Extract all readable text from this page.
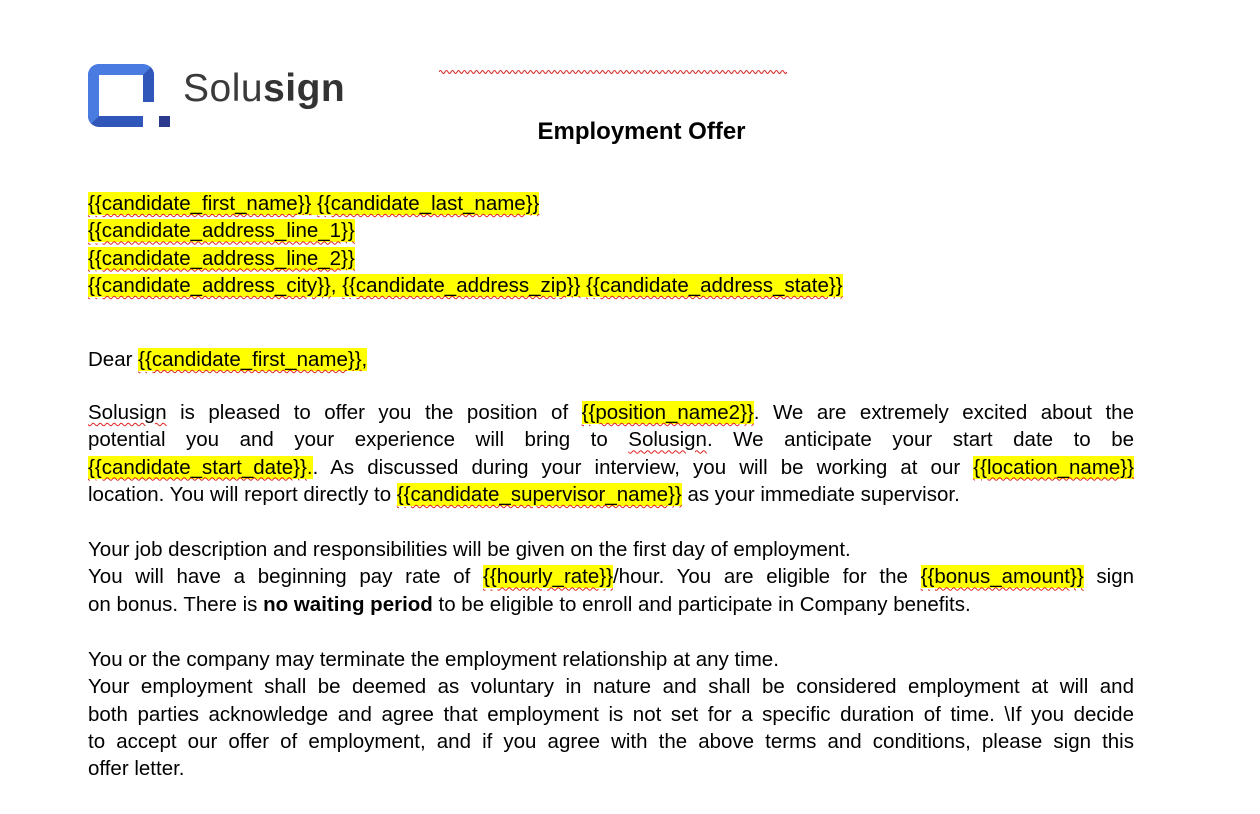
Solusign
Employment Offer
{{candidate_first_name}} {{candidate_last_name}}
{{candidate_address_line_1}}
{{candidate_address_line_2}}
{{candidate_address_city}}, {{candidate_address_zip}} {{candidate_address_state}}
Dear {{candidate_first_name}},
Solusign is pleased to offer you the position of {{position_name2}}. We are extremely excited about the
potential you and your experience will bring to Solusign. We anticipate your start date to be
{{candidate_start_date}}.. As discussed during your interview, you will be working at our {{location_name}}
location. You will report directly to {{candidate_supervisor_name}} as your immediate supervisor.
Your job description and responsibilities will be given on the first day of employment.
You will have a beginning pay rate of {{hourly_rate}}/hour. You are eligible for the {{bonus_amount}} sign
on bonus. There is no waiting period to be eligible to enroll and participate in Company benefits.
You or the company may terminate the employment relationship at any time.
Your employment shall be deemed as voluntary in nature and shall be considered employment at will and
both parties acknowledge and agree that employment is not set for a specific duration of time. \If you decide
to accept our offer of employment, and if you agree with the above terms and conditions, please sign this
offer letter.
